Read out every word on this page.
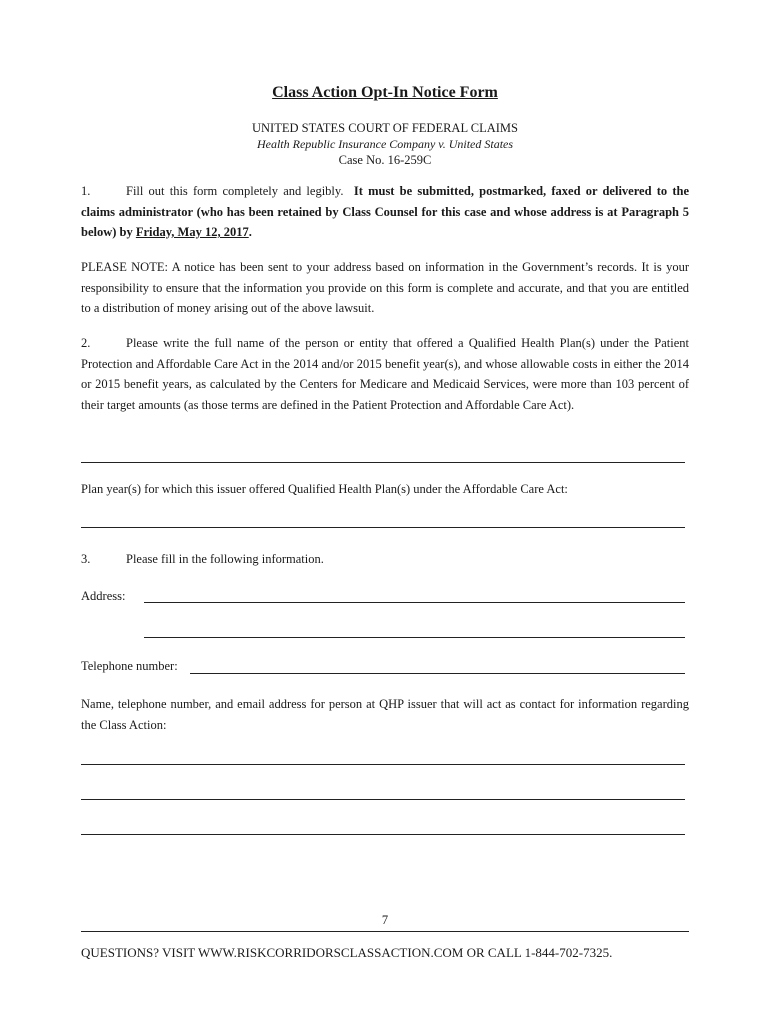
Class Action Opt-In Notice Form
UNITED STATES COURT OF FEDERAL CLAIMS
Health Republic Insurance Company v. United States
Case No. 16-259C

1.	Fill out this form completely and legibly. It must be submitted, postmarked, faxed or delivered to the claims administrator (who has been retained by Class Counsel for this case and whose address is at Paragraph 5 below) by Friday, May 12, 2017.

PLEASE NOTE: A notice has been sent to your address based on information in the Government’s records. It is your responsibility to ensure that the information you provide on this form is complete and accurate, and that you are entitled to a distribution of money arising out of the above lawsuit.

2.	Please write the full name of the person or entity that offered a Qualified Health Plan(s) under the Patient Protection and Affordable Care Act in the 2014 and/or 2015 benefit year(s), and whose allowable costs in either the 2014 or 2015 benefit years, as calculated by the Centers for Medicare and Medicaid Services, were more than 103 percent of their target amounts (as those terms are defined in the Patient Protection and Affordable Care Act).

Plan year(s) for which this issuer offered Qualified Health Plan(s) under the Affordable Care Act:
3.	Please fill in the following information.
Address:
Telephone number:

Name, telephone number, and email address for person at QHP issuer that will act as contact for information regarding the Class Action:

7
QUESTIONS? VISIT WWW.RISKCORRIDORSCLASSACTION.COM OR CALL 1-844-702-7325.
